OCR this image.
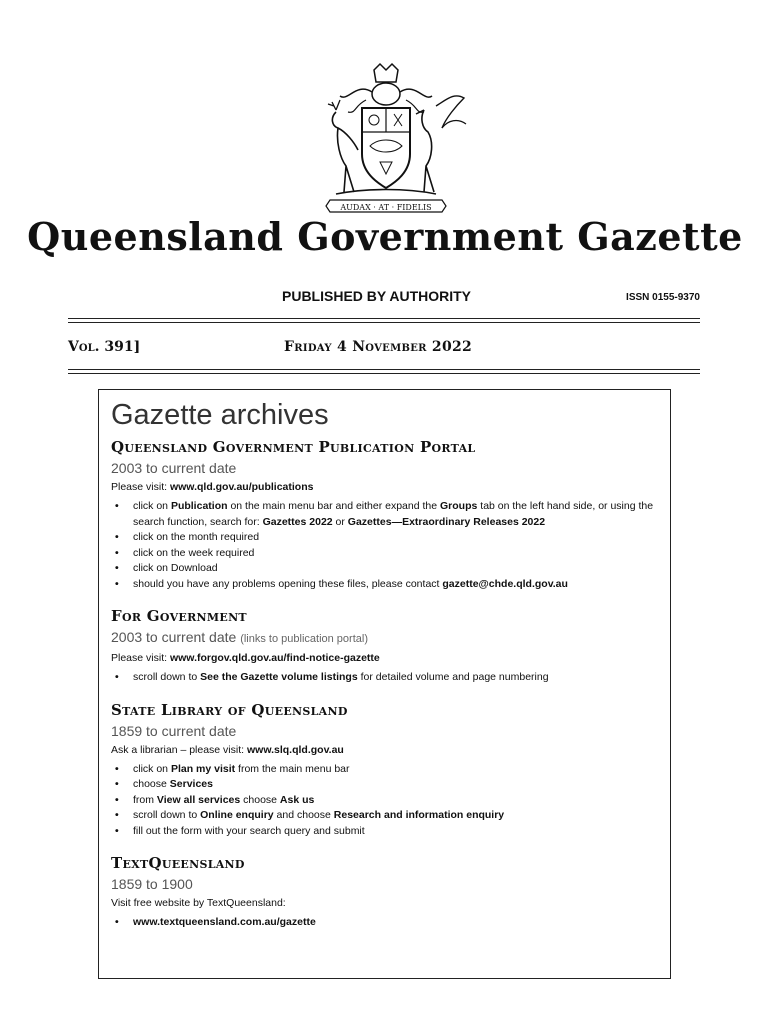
AUDAX · AT · FIDELIS
Queensland Government Gazette
PUBLISHED BY AUTHORITY	ISSN 0155-9370
Vol. 391]	Friday 4 November 2022
Gazette archives
Queensland Government Publication Portal
2003 to current date
Please visit: www.qld.gov.au/publications
• click on Publication on the main menu bar and either expand the Groups tab on the left hand side, or using the search function, search for: Gazettes 2022 or Gazettes—Extraordinary Releases 2022
• click on the month required
• click on the week required
• click on Download
• should you have any problems opening these files, please contact gazette@chde.qld.gov.au
For Government
2003 to current date (links to publication portal)
Please visit: www.forgov.qld.gov.au/find-notice-gazette
• scroll down to See the Gazette volume listings for detailed volume and page numbering
State Library of Queensland
1859 to current date
Ask a librarian – please visit: www.slq.qld.gov.au
• click on Plan my visit from the main menu bar
• choose Services
• from View all services choose Ask us
• scroll down to Online enquiry and choose Research and information enquiry
• fill out the form with your search query and submit
TextQueensland
1859 to 1900
Visit free website by TextQueensland:
• www.textqueensland.com.au/gazette
